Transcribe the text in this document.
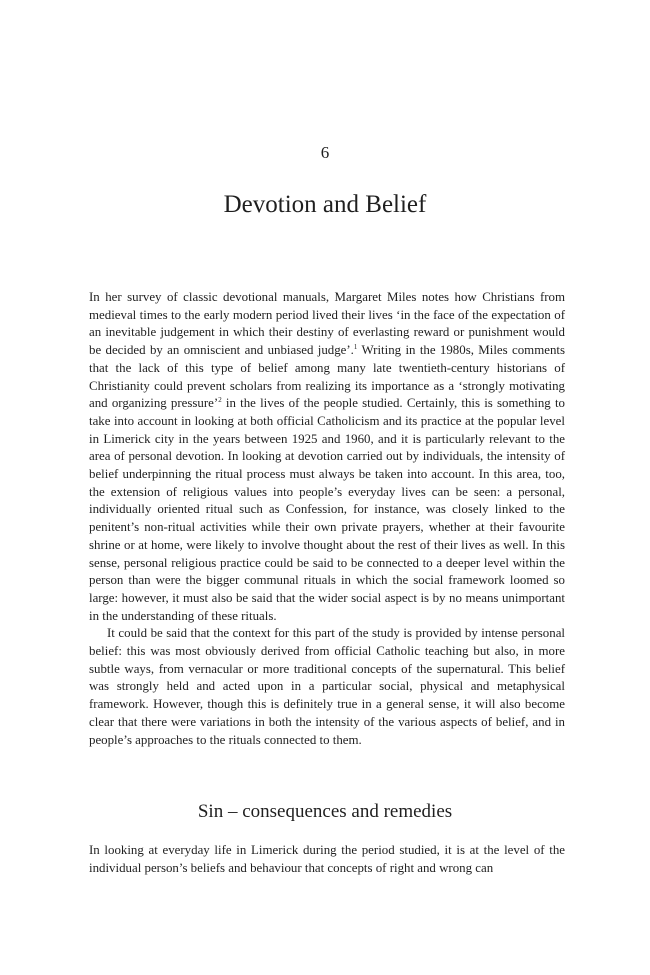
6
Devotion and Belief

In her survey of classic devotional manuals, Margaret Miles notes how Christians from medieval times to the early modern period lived their lives ‘in the face of the expectation of an inevitable judgement in which their destiny of everlasting reward or punishment would be decided by an omniscient and unbiased judge’.$^1$ Writing in the 1980s, Miles comments that the lack of this type of belief among many late twentieth-century historians of Christianity could prevent scholars from realizing its importance as a ‘strongly motivating and organizing pressure’$^2$ in the lives of the people studied. Certainly, this is something to take into account in looking at both official Catholicism and its practice at the popular level in Limerick city in the years between 1925 and 1960, and it is particularly relevant to the area of personal devotion. In looking at devotion carried out by individuals, the intensity of belief underpinning the ritual process must always be taken into account. In this area, too, the extension of religious values into people’s everyday lives can be seen: a personal, individually oriented ritual such as Confession, for instance, was closely linked to the penitent’s non-ritual activities while their own private prayers, whether at their favourite shrine or at home, were likely to involve thought about the rest of their lives as well. In this sense, personal religious practice could be said to be connected to a deeper level within the person than were the bigger communal rituals in which the social framework loomed so large: however, it must also be said that the wider social aspect is by no means unimportant in the understanding of these rituals.

It could be said that the context for this part of the study is provided by intense personal belief: this was most obviously derived from official Catholic teaching but also, in more subtle ways, from vernacular or more traditional concepts of the supernatural. This belief was strongly held and acted upon in a particular social, physical and metaphysical framework. However, though this is definitely true in a general sense, it will also become clear that there were variations in both the intensity of the various aspects of belief, and in people’s approaches to the rituals connected to them.

Sin – consequences and remedies

In looking at everyday life in Limerick during the period studied, it is at the level of the individual person’s beliefs and behaviour that concepts of right and wrong can
